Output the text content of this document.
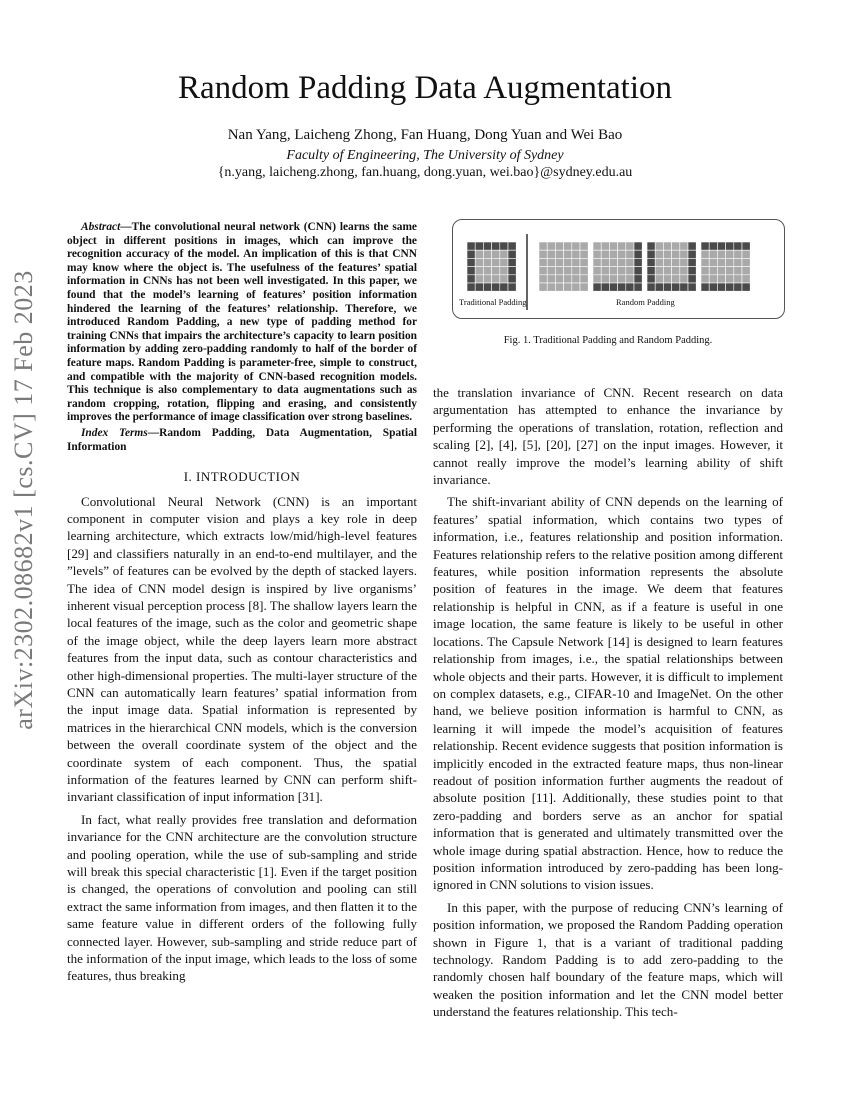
arXiv:2302.08682v1 [cs.CV] 17 Feb 2023
Random Padding Data Augmentation
Nan Yang, Laicheng Zhong, Fan Huang, Dong Yuan and Wei Bao
Faculty of Engineering, The University of Sydney
{n.yang, laicheng.zhong, fan.huang, dong.yuan, wei.bao}@sydney.edu.au
Abstract—The convolutional neural network (CNN) learns the same object in different positions in images, which can improve the recognition accuracy of the model. An implication of this is that CNN may know where the object is. The usefulness of the features’ spatial information in CNNs has not been well investigated. In this paper, we found that the model’s learning of features’ position information hindered the learning of the features’ relationship. Therefore, we introduced Random Padding, a new type of padding method for training CNNs that impairs the architecture’s capacity to learn position information by adding zero-padding randomly to half of the border of feature maps. Random Padding is parameter-free, simple to construct, and compatible with the majority of CNN-based recognition models. This technique is also complementary to data augmentations such as random cropping, rotation, flipping and erasing, and consistently improves the performance of image classification over strong baselines.
Index Terms—Random Padding, Data Augmentation, Spatial Information
I. INTRODUCTION

Convolutional Neural Network (CNN) is an important component in computer vision and plays a key role in deep learning architecture, which extracts low/mid/high-level features [29] and classifiers naturally in an end-to-end multilayer, and the ”levels” of features can be evolved by the depth of stacked layers. The idea of CNN model design is inspired by live organisms’ inherent visual perception process [8]. The shallow layers learn the local features of the image, such as the color and geometric shape of the image object, while the deep layers learn more abstract features from the input data, such as contour characteristics and other high-dimensional properties. The multi-layer structure of the CNN can automatically learn features’ spatial information from the input image data. Spatial information is represented by matrices in the hierarchical CNN models, which is the conversion between the overall coordinate system of the object and the coordinate system of each component. Thus, the spatial information of the features learned by CNN can perform shift-invariant classification of input information [31].

In fact, what really provides free translation and deformation invariance for the CNN architecture are the convolution structure and pooling operation, while the use of sub-sampling and stride will break this special characteristic [1]. Even if the target position is changed, the operations of convolution and pooling can still extract the same information from images, and then flatten it to the same feature value in different orders of the following fully connected layer. However, sub-sampling and stride reduce part of the information of the input image, which leads to the loss of some features, thus breaking

Traditional Padding	Random Padding
Fig. 1. Traditional Padding and Random Padding.

the translation invariance of CNN. Recent research on data argumentation has attempted to enhance the invariance by performing the operations of translation, rotation, reflection and scaling [2], [4], [5], [20], [27] on the input images. However, it cannot really improve the model’s learning ability of shift invariance.

The shift-invariant ability of CNN depends on the learning of features’ spatial information, which contains two types of information, i.e., features relationship and position information. Features relationship refers to the relative position among different features, while position information represents the absolute position of features in the image. We deem that features relationship is helpful in CNN, as if a feature is useful in one image location, the same feature is likely to be useful in other locations. The Capsule Network [14] is designed to learn features relationship from images, i.e., the spatial relationships between whole objects and their parts. However, it is difficult to implement on complex datasets, e.g., CIFAR-10 and ImageNet. On the other hand, we believe position information is harmful to CNN, as learning it will impede the model’s acquisition of features relationship. Recent evidence suggests that position information is implicitly encoded in the extracted feature maps, thus non-linear readout of position information further augments the readout of absolute position [11]. Additionally, these studies point to that zero-padding and borders serve as an anchor for spatial information that is generated and ultimately transmitted over the whole image during spatial abstraction. Hence, how to reduce the position information introduced by zero-padding has been long-ignored in CNN solutions to vision issues.

In this paper, with the purpose of reducing CNN’s learning of position information, we proposed the Random Padding operation shown in Figure 1, that is a variant of traditional padding technology. Random Padding is to add zero-padding to the randomly chosen half boundary of the feature maps, which will weaken the position information and let the CNN model better understand the features relationship. This tech-
